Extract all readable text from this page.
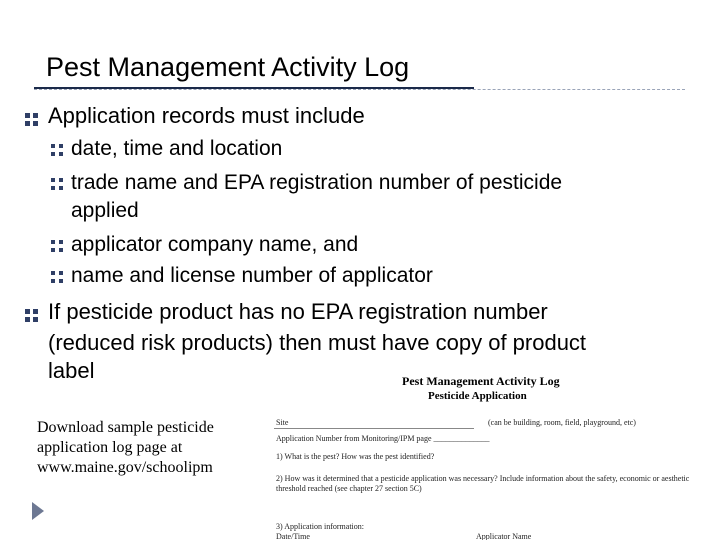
Pest Management Activity Log
Application records must include
date, time and location
trade name and EPA registration number of pesticide
applied
applicator company name, and
name and license number of applicator
If pesticide product has no EPA registration number
(reduced risk products) then must have copy of product
label
Download sample pesticide
application log page at
www.maine.gov/schoolipm
Pest Management Activity Log
Pesticide Application
Site	(can be building, room, field, playground, etc)
Application Number from Monitoring/IPM page ______________
1) What is the pest? How was the pest identified?
2) How was it determined that a pesticide application was necessary? Include information about the safety, economic or aesthetic
threshold reached (see chapter 27 section 5C)
3) Application information:
Date/Time	Applicator Name
